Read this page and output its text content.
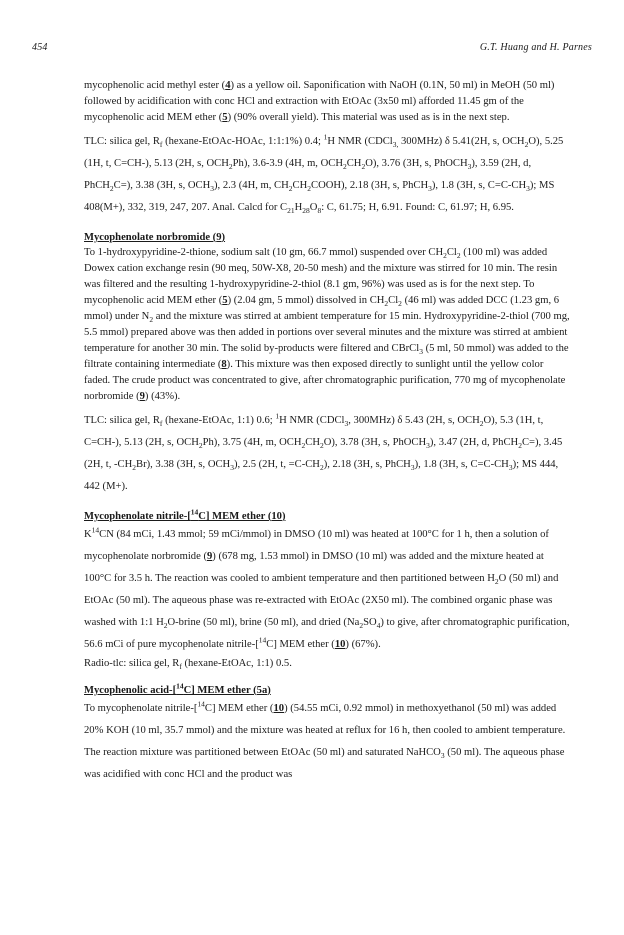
454	G.T. Huang and H. Parnes

mycophenolic acid methyl ester (4) as a yellow oil. Saponification with NaOH (0.1N, 50 ml) in MeOH (50 ml) followed by acidification with conc HCl and extraction with EtOAc (3x50 ml) afforded 11.45 gm of the mycophenolic acid MEM ether (5) (90% overall yield). This material was used as is in the next step.

TLC: silica gel, $R_f$ (hexane-EtOAc-HOAc, 1:1:1%) 0.4; $^1$H NMR (CDCl$_{3,}$ 300MHz) δ 5.41(2H, s, $OCH_2O$), 5.25 (1H, t, C=CH-), 5.13 (2H, s, $OCH_2Ph$), 3.6-3.9 (4H, m, $OCH_2CH_2O$), 3.76 (3H, s, PhOCH$_3$), 3.59 (2H, d, PhCH$_2$C=), 3.38 (3H, s, $OCH_3$), 2.3 (4H, m, $CH_2CH_2COOH$), 2.18 (3H, s, PhCH$_3$), 1.8 (3H, s, $C=C-CH_3$); MS 408(M+), 332, 319, 247, 207. Anal. Calcd for $C_{21}H_{28}O_8$: C, 61.75; H, 6.91. Found: C, 61.97; H, 6.95.

Mycophenolate norbromide (9)

To 1-hydroxypyridine-2-thione, sodium salt (10 gm, 66.7 mmol) suspended over $CH_2Cl_2$ (100 ml) was added Dowex cation exchange resin (90 meq, 50W-X8, 20-50 mesh) and the mixture was stirred for 10 min. The resin was filtered and the resulting 1-hydroxypyridine-2-thiol (8.1 gm, 96%) was used as is for the next step. To mycophenolic acid MEM ether (5) (2.04 gm, 5 mmol) dissolved in $CH_2Cl_2$ (46 ml) was added DCC (1.23 gm, 6 mmol) under $N_2$ and the mixture was stirred at ambient temperature for 15 min. Hydroxypyridine-2-thiol (700 mg, 5.5 mmol) prepared above was then added in portions over several minutes and the mixture was stirred at ambient temperature for another 30 min. The solid by-products were filtered and CBrCl$_3$ (5 ml, 50 mmol) was added to the filtrate containing intermediate (8). This mixture was then exposed directly to sunlight until the yellow color faded. The crude product was concentrated to give, after chromatographic purification, 770 mg of mycophenolate norbromide (9) (43%).

TLC: silica gel, $R_f$ (hexane-EtOAc, 1:1) 0.6; $^1$H NMR (CDCl$_3$, 300MHz) δ 5.43 (2H, s, $OCH_2O$), 5.3 (1H, t, C=CH-), 5.13 (2H, s, $OCH_2Ph$), 3.75 (4H, m, $OCH_2CH_2O$), 3.78 (3H, s, PhOCH$_3$), 3.47 (2H, d, PhCH$_2$C=), 3.45 (2H, t, $-CH_2Br$), 3.38 (3H, s, $OCH_3$), 2.5 (2H, t, $=C-CH_2$), 2.18 (3H, s, PhCH$_3$), 1.8 (3H, s, $C=C-CH_3$); MS 444, 442 (M+).

Mycophenolate nitrile-[$^{14}$C] MEM ether (10)

$K^{14}CN$ (84 mCi, 1.43 mmol; 59 mCi/mmol) in DMSO (10 ml) was heated at 100°C for 1 h, then a solution of mycophenolate norbromide (9) (678 mg, 1.53 mmol) in DMSO (10 ml) was added and the mixture heated at 100°C for 3.5 h. The reaction was cooled to ambient temperature and then partitioned between $H_2O$ (50 ml) and EtOAc (50 ml). The aqueous phase was re-extracted with EtOAc (2X50 ml). The combined organic phase was washed with 1:1 $H_2O$-brine (50 ml), brine (50 ml), and dried $(Na_2SO_4)$ to give, after chromatographic purification, 56.6 mCi of pure mycophenolate nitrile-[$^{14}$C] MEM ether (10) (67%).

Radio-tlc: silica gel, $R_f$ (hexane-EtOAc, 1:1) 0.5.

Mycophenolic acid-[$^{14}$C] MEM ether (5a)

To mycophenolate nitrile-[$^{14}$C] MEM ether (10) (54.55 mCi, 0.92 mmol) in methoxyethanol (50 ml) was added 20% KOH (10 ml, 35.7 mmol) and the mixture was heated at reflux for 16 h, then cooled to ambient temperature. The reaction mixture was partitioned between EtOAc (50 ml) and saturated NaHCO$_3$ (50 ml). The aqueous phase was acidified with conc HCl and the product was
